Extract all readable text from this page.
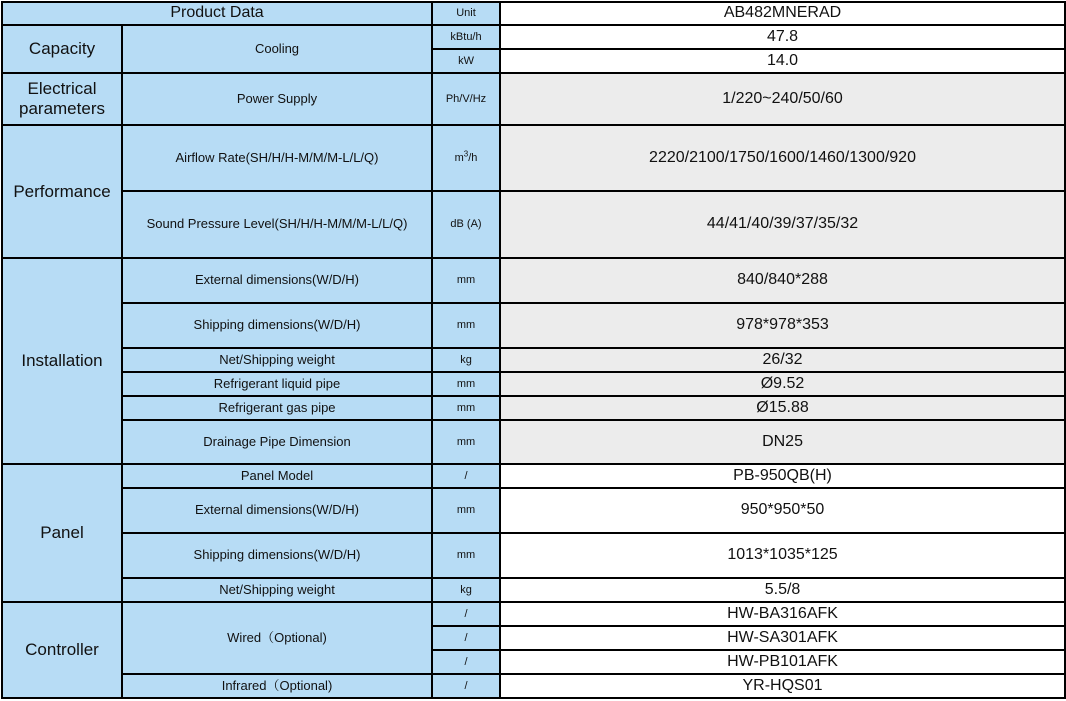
Product Data		Unit	AB482MNERAD
Capacity	Cooling	kBtu/h	47.8
		kW	14.0
Electrical
parameters	Power Supply	Ph/V/Hz	1/220~240/50/60
Performance	Airflow Rate(SH/H/H-M/M/M-L/L/Q)	$m^3/h$	2220/2100/1750/1600/1460/1300/920
	Sound Pressure Level(SH/H/H-M/M/M-L/L/Q)	dB (A)	44/41/40/39/37/35/32
Installation	External dimensions(W/D/H)	mm	840/840*288
	Shipping dimensions(W/D/H)	mm	978*978*353
	Net/Shipping weight	kg	26/32
	Refrigerant liquid pipe	mm	Ø9.52
	Refrigerant gas pipe	mm	Ø15.88
	Drainage Pipe Dimension	mm	DN25
Panel	Panel Model	/	PB-950QB(H)
	External dimensions(W/D/H)	mm	950*950*50
	Shipping dimensions(W/D/H)	mm	1013*1035*125
	Net/Shipping weight	kg	5.5/8
Controller	Wired（Optional)	/	HW-BA316AFK
		/	HW-SA301AFK
		/	HW-PB101AFK
	Infrared（Optional)	/	YR-HQS01
